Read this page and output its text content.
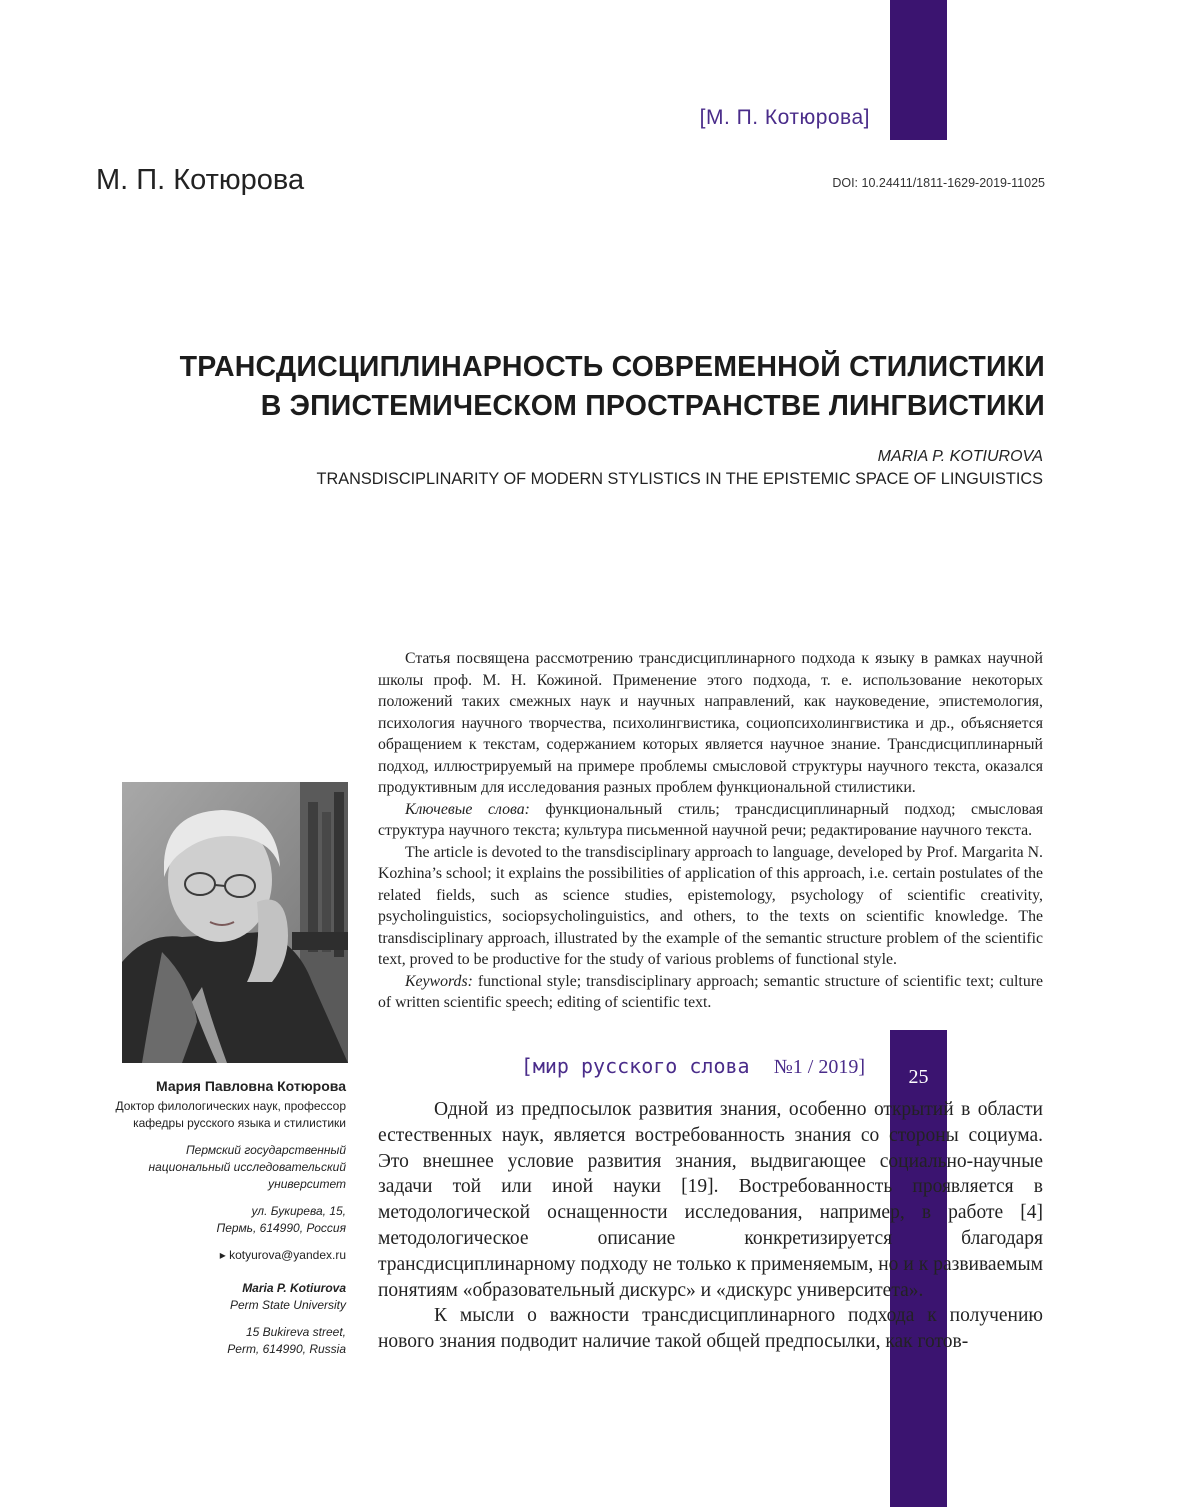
25
[М. П. Котюрова]
М. П. Котюрова	DOI: 10.24411/1811-1629-2019-11025
ТРАНСДИСЦИПЛИНАРНОСТЬ СОВРЕМЕННОЙ СТИЛИСТИКИ
В ЭПИСТЕМИЧЕСКОМ ПРОСТРАНСТВЕ ЛИНГВИСТИКИ
MARIA P. KOTIUROVA
TRANSDISCIPLINARITY OF MODERN STYLISTICS IN THE EPISTEMIC SPACE OF LINGUISTICS

Статья посвящена рассмотрению трансдисциплинарного подхода к языку в рамках научной школы проф. М. Н. Кожиной. Применение этого подхода, т. е. использование некоторых положений таких смежных наук и научных направлений, как науковедение, эпистемология, психология научного творчества, психолингвистика, социопсихолингвистика и др., объясняется обращением к текстам, содержанием которых является научное знание. Трансдисциплинарный подход, иллюстрируемый на примере проблемы смысловой структуры научного текста, оказался продуктивным для исследования разных проблем функциональной стилистики.

Ключевые слова: функциональный стиль; трансдисциплинарный подход; смысловая структура научного текста; культура письменной научной речи; редактирование научного текста.

The article is devoted to the transdisciplinary approach to language, developed by Prof. Margarita N. Kozhina’s school; it explains the possibilities of application of this approach, i.e. certain postulates of the related fields, such as science studies, epistemology, psychology of scientific creativity, psycholinguistics, sociopsycholinguistics, and others, to the texts on scientific knowledge. The transdisciplinary approach, illustrated by the example of the semantic structure problem of the scientific text, proved to be productive for the study of various problems of functional style.

Keywords: functional style; transdisciplinary approach; semantic structure of scientific text; culture of written scientific speech; editing of scientific text.

Мария Павловна Котюрова
Доктор филологических наук, профессор
кафедры русского языка и стилистики
Пермский государственный
национальный исследовательский
университет
ул. Букирева, 15,
Пермь, 614990, Россия
▸ kotyurova@yandex.ru
Maria P. Kotiurova
Perm State University
15 Bukireva street,
Perm, 614990, Russia

Одной из предпосылок развития знания, особенно открытий в области естественных наук, является востребованность знания со стороны социума. Это внешнее условие развития знания, выдвигающее социально-научные задачи той или иной науки [19]. Востребованность проявляется в методологической оснащенности исследования, например, в работе [4] методологическое описание конкретизируется благодаря трансдисциплинарному подходу не только к применяемым, но и к развиваемым понятиям «образовательный дискурс» и «дискурс университета».

К мысли о важности трансдисциплинарного подхода к получению нового знания подводит наличие такой общей предпосылки, как готов-

[мир русского слова №1 / 2019]
